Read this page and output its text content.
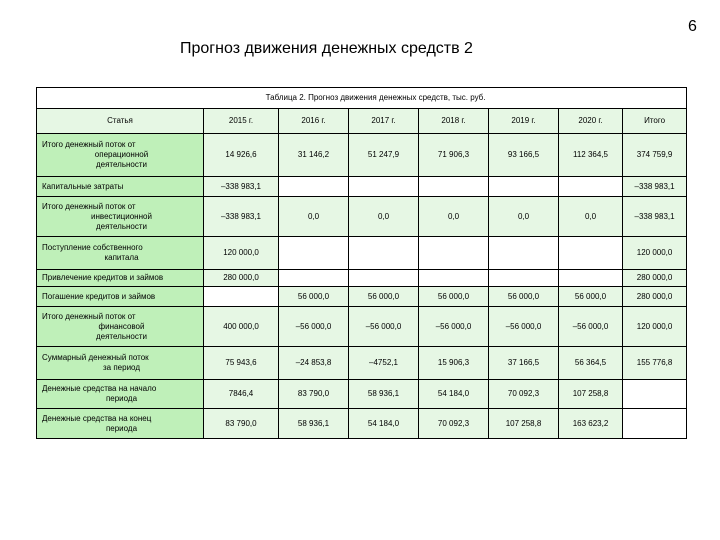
6
Прогноз движения денежных средств 2
Таблица 2. Прогноз движения денежных средств, тыс. руб.							
Статья	2015 г.	2016 г.	2017 г.	2018 г.	2019 г.	2020 г.	Итого

Итого денежный поток от
операционной
деятельности	14 926,6	31 146,2	51 247,9	71 906,3	93 166,5	112 364,5	374 759,9

Капитальные затраты	–338 983,1						–338 983,1

Итого денежный поток от
инвестиционной
деятельности	–338 983,1	0,0	0,0	0,0	0,0	0,0	–338 983,1

Поступление собственного
капитала	120 000,0						120 000,0

Привлечение кредитов и займов	280 000,0						280 000,0

Погашение кредитов и займов		56 000,0	56 000,0	56 000,0	56 000,0	56 000,0	280 000,0

Итого денежный поток от
финансовой
деятельности	400 000,0	–56 000,0	–56 000,0	–56 000,0	–56 000,0	–56 000,0	120 000,0

Суммарный денежный поток
за период	75 943,6	–24 853,8	–4752,1	15 906,3	37 166,5	56 364,5	155 776,8

Денежные средства на начало
периода	7846,4	83 790,0	58 936,1	54 184,0	70 092,3	107 258,8	

Денежные средства на конец
периода	83 790,0	58 936,1	54 184,0	70 092,3	107 258,8	163 623,2	
